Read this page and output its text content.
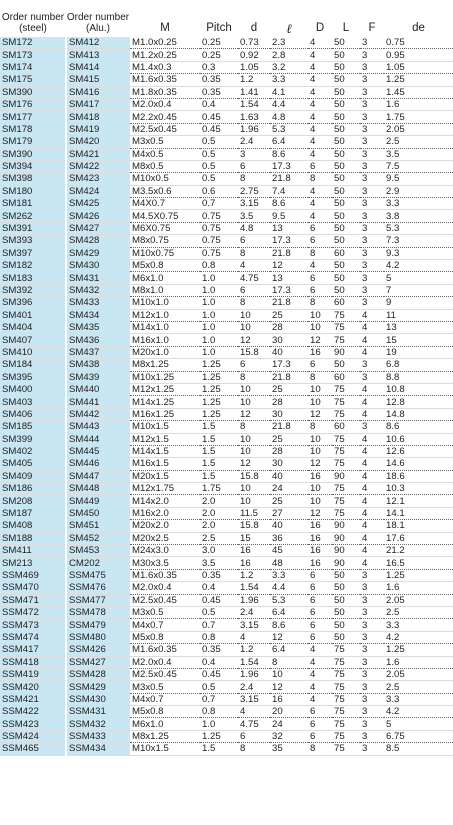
Order number
(steel)	Order number
(Alu.)	M	Pitch	d	ℓ	D	L	F	de
SM172	SM412	M1.0x0.25	0.25	0.73	2.3	4	50	3	0.75
SM173	SM413	M1.2x0.25	0.25	0.92	2.8	4	50	3	0.95
SM174	SM414	M1.4x0.3	0.3	1.05	3.2	4	50	3	1.05
SM175	SM415	M1.6x0.35	0.35	1.2	3.3	4	50	3	1.25
SM390	SM416	M1.8x0.35	0.35	1.41	4.1	4	50	3	1.45
SM176	SM417	M2.0x0.4	0.4	1.54	4.4	4	50	3	1.6
SM177	SM418	M2.2x0.45	0.45	1.63	4.8	4	50	3	1.75
SM178	SM419	M2.5x0.45	0.45	1.96	5.3	4	50	3	2.05
SM179	SM420	M3x0.5	0.5	2.4	6.4	4	50	3	2.5
SM390	SM421	M4x0.5	0.5	3	8.6	4	50	3	3.5
SM394	SM422	M8x0.5	0.5	6	17.3	6	50	3	7.5
SM398	SM423	M10x0.5	0.5	8	21.8	8	50	3	9.5
SM180	SM424	M3.5x0.6	0.6	2.75	7.4	4	50	3	2.9
SM181	SM425	M4X0.7	0.7	3.15	8.6	4	50	3	3.3
SM262	SM426	M4.5X0.75	0.75	3.5	9.5	4	50	3	3.8
SM391	SM427	M6X0.75	0.75	4.8	13	6	50	3	5.3
SM393	SM428	M8x0.75	0.75	6	17.3	6	50	3	7.3
SM397	SM429	M10x0.75	0.75	8	21.8	8	60	3	9.3
SM182	SM430	M5x0.8	0.8	4	12	4	50	3	4.2
SM183	SM431	M6x1.0	1.0	4.75	13	6	50	3	5
SM392	SM432	M8x1.0	1.0	6	17.3	6	50	3	7
SM396	SM433	M10x1.0	1.0	8	21.8	8	60	3	9
SM401	SM434	M12x1.0	1.0	10	25	10	75	4	11
SM404	SM435	M14x1.0	1.0	10	28	10	75	4	13
SM407	SM436	M16x1.0	1.0	12	30	12	75	4	15
SM410	SM437	M20x1.0	1.0	15.8	40	16	90	4	19
SM184	SM438	M8x1.25	1.25	6	17.3	6	50	3	6.8
SM395	SM439	M10x1.25	1.25	8	21.8	8	60	3	8.8
SM400	SM440	M12x1.25	1.25	10	25	10	75	4	10.8
SM403	SM441	M14x1.25	1.25	10	28	10	75	4	12.8
SM406	SM442	M16x1.25	1.25	12	30	12	75	4	14.8
SM185	SM443	M10x1.5	1.5	8	21.8	8	60	3	8.6
SM399	SM444	M12x1.5	1.5	10	25	10	75	4	10.6
SM402	SM445	M14x1.5	1.5	10	28	10	75	4	12.6
SM405	SM446	M16x1.5	1.5	12	30	12	75	4	14.6
SM409	SM447	M20x1.5	1.5	15.8	40	16	90	4	18.6
SM186	SM448	M12x1.75	1.75	10	24	10	75	4	10.3
SM208	SM449	M14x2.0	2.0	10	25	10	75	4	12.1
SM187	SM450	M16x2.0	2.0	11.5	27	12	75	4	14.1
SM408	SM451	M20x2.0	2.0	15.8	40	16	90	4	18.1
SM188	SM452	M20x2.5	2.5	15	36	16	90	4	17.6
SM411	SM453	M24x3.0	3.0	16	45	16	90	4	21.2
SM213	CM202	M30x3.5	3.5	16	48	16	90	4	16.5
SSM469	SSM475	M1.6x0.35	0.35	1.2	3.3	6	50	3	1.25
SSM470	SSM476	M2.0x0.4	0.4	1.54	4.4	6	50	3	1.6
SSM471	SSM477	M2.5x0.45	0.45	1.96	5.3	6	50	3	2.05
SSM472	SSM478	M3x0.5	0.5	2.4	6.4	6	50	3	2.5
SSM473	SSM479	M4x0.7	0.7	3.15	8.6	6	50	3	3.3
SSM474	SSM480	M5x0.8	0.8	4	12	6	50	3	4.2
SSM417	SSM426	M1.6x0.35	0.35	1.2	6.4	4	75	3	1.25
SSM418	SSM427	M2.0x0.4	0.4	1.54	8	4	75	3	1.6
SSM419	SSM428	M2.5x0.45	0.45	1.96	10	4	75	3	2.05
SSM420	SSM429	M3x0.5	0.5	2.4	12	4	75	3	2.5
SSM421	SSM430	M4x0.7	0.7	3.15	16	4	75	3	3.3
SSM422	SSM431	M5x0.8	0.8	4	20	6	75	3	4.2
SSM423	SSM432	M6x1.0	1.0	4.75	24	6	75	3	5
SSM424	SSM433	M8x1.25	1.25	6	32	6	75	3	6.75
SSM465	SSM434	M10x1.5	1.5	8	35	8	75	3	8.5
